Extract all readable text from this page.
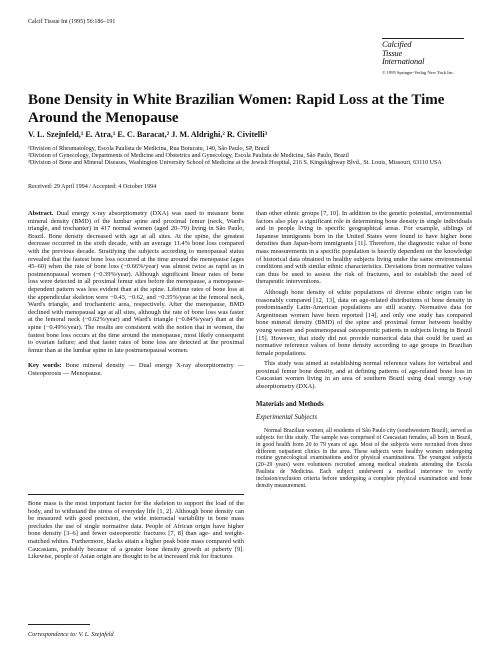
Calcif Tissue Int (1995) 56:186–191
Calcified
Tissue
International
© 1995 Springer-Verlag New York Inc.
Bone Density in White Brazilian Women: Rapid Loss at the Time Around the Menopause
V. L. Szejnfeld,¹ E. Atra,¹ E. C. Baracat,² J. M. Aldrighi,² R. Civitelli³
¹Division of Rheumatology, Escola Paulista de Medicina, Rua Botucatu, 140, São Paulo, SP, Brazil
²Division of Gynecology, Departments of Medicine and Obstetrics and Gynecology, Escola Paulista de Medicina, São Paulo, Brazil
³Division of Bone and Mineral Diseases, Washington University School of Medicine at the Jewish Hospital, 216 S. Kingshighway Blvd., St. Louis, Missouri, 63110 USA
Received: 29 April 1994 / Accepted: 4 October 1994

Abstract. Dual energy x-ray absorptiometry (DXA) was used to measure bone mineral density (BMD) of the lumbar spine and proximal femur (neck, Ward's triangle, and trochanter) in 417 normal women (aged 20–79) living in São Paulo, Brazil. Bone density decreased with age at all sites. At the spine, the greatest decrease occurred in the sixth decade, with an average 11.4% bone loss compared with the previous decade. Stratifying the subjects according to menopausal status revealed that the fastest bone loss occurred at the time around the menopause (ages 45–60) when the rate of bone loss (−0.66%/year) was almost twice as rapid as in postmenopausal women (−0.39%/year). Although significant linear rates of bone loss were detected in all proximal femur sites before the menopause, a menopause-dependent pattern was less evident than at the spine. Lifetime rates of bone loss at the appendicular skeleton were −0.43, −0.62, and −0.35%/year at the femoral neck, Ward's triangle, and trochanteric area, respectively. After the menopause, BMD declined with menopausal age at all sites, although the rate of bone loss was faster at the femoral neck (−0.62%/year) and Ward's triangle (−0.84%/year) than at the spine (−0.49%/year). The results are consistent with the notion that in women, the fastest bone loss occurs at the time around the menopause, most likely consequent to ovarian failure; and that faster rates of bone loss are detected at the proximal femur than at the lumbar spine in late postmenopausal women.

Key words: Bone mineral density — Dual energy X-ray absorptiometry — Osteoporosis — Menopause.

Bone mass is the most important factor for the skeleton to support the load of the body, and to withstand the stress of everyday life [1, 2]. Although bone density can be measured with good precision, the wide interracial variability in bone mass precludes the use of single normative data. People of African origin have higher bone density [3–6] and fewer osteoporotic fractures [7, 8] than age- and weight-matched whites. Furthermore, blacks attain a higher peak bone mass compared with Caucasians, probably because of a greater bone density growth at puberty [9]. Likewise, people of Asian origin are thought to be at increased risk for fractures

Correspondence to: V. L. Szejnfeld

than other ethnic groups [7, 10]. In addition to the genetic potential, environmental factors also play a significant role in determining bone density in single individuals and in people living in specific geographical areas. For example, siblings of Japanese immigrants born in the United States were found to have higher bone densities than Japan-born immigrants [11]. Therefore, the diagnostic value of bone mass measurements in a specific population is heavily dependent on the knowledge of historical data obtained in healthy subjects living under the same environmental conditions and with similar ethnic characteristics. Deviations from normative values can thus be used to assess the risk of fractures, and to establish the need of therapeutic interventions.

Although bone density of white populations of diverse ethnic origin can be reasonably compared [12, 13], data on age-related distributions of bone density in predominantly Latin-American populations are still scanty. Normative data for Argentinean women have been reported [14], and only one study has compared bone mineral density (BMD) of the spine and proximal femur between healthy young women and postmenopausal osteoporotic patients in subjects living in Brazil [15]. However, that study did not provide numerical data that could be used as normative reference values of bone density according to age groups in Brazilian female populations.

This study was aimed at establishing normal reference values for vertebral and proximal femur bone density, and at defining patterns of age-related bone loss in Caucasian women living in an area of southern Brazil using dual energy x-ray absorptiometry (DXA).

Materials and Methods
Experimental Subjects

Normal Brazilian women, all residents of São Paulo city (southwestern Brazil), served as subjects for this study. The sample was comprised of Caucasian females, all born in Brazil, in good health from 20 to 79 years of age. Most of the subjects were recruited from three different outpatient clinics in the area. These subjects were healthy women undergoing routine gynecological examinations and/or physical examinations. The youngest subjects (20–29 years) were volunteers recruited among medical students attending the Escola Paulista de Medicina. Each subject underwent a medical interview to verify inclusion/exclusion criteria before undergoing a complete physical examination and bone density measurement.
